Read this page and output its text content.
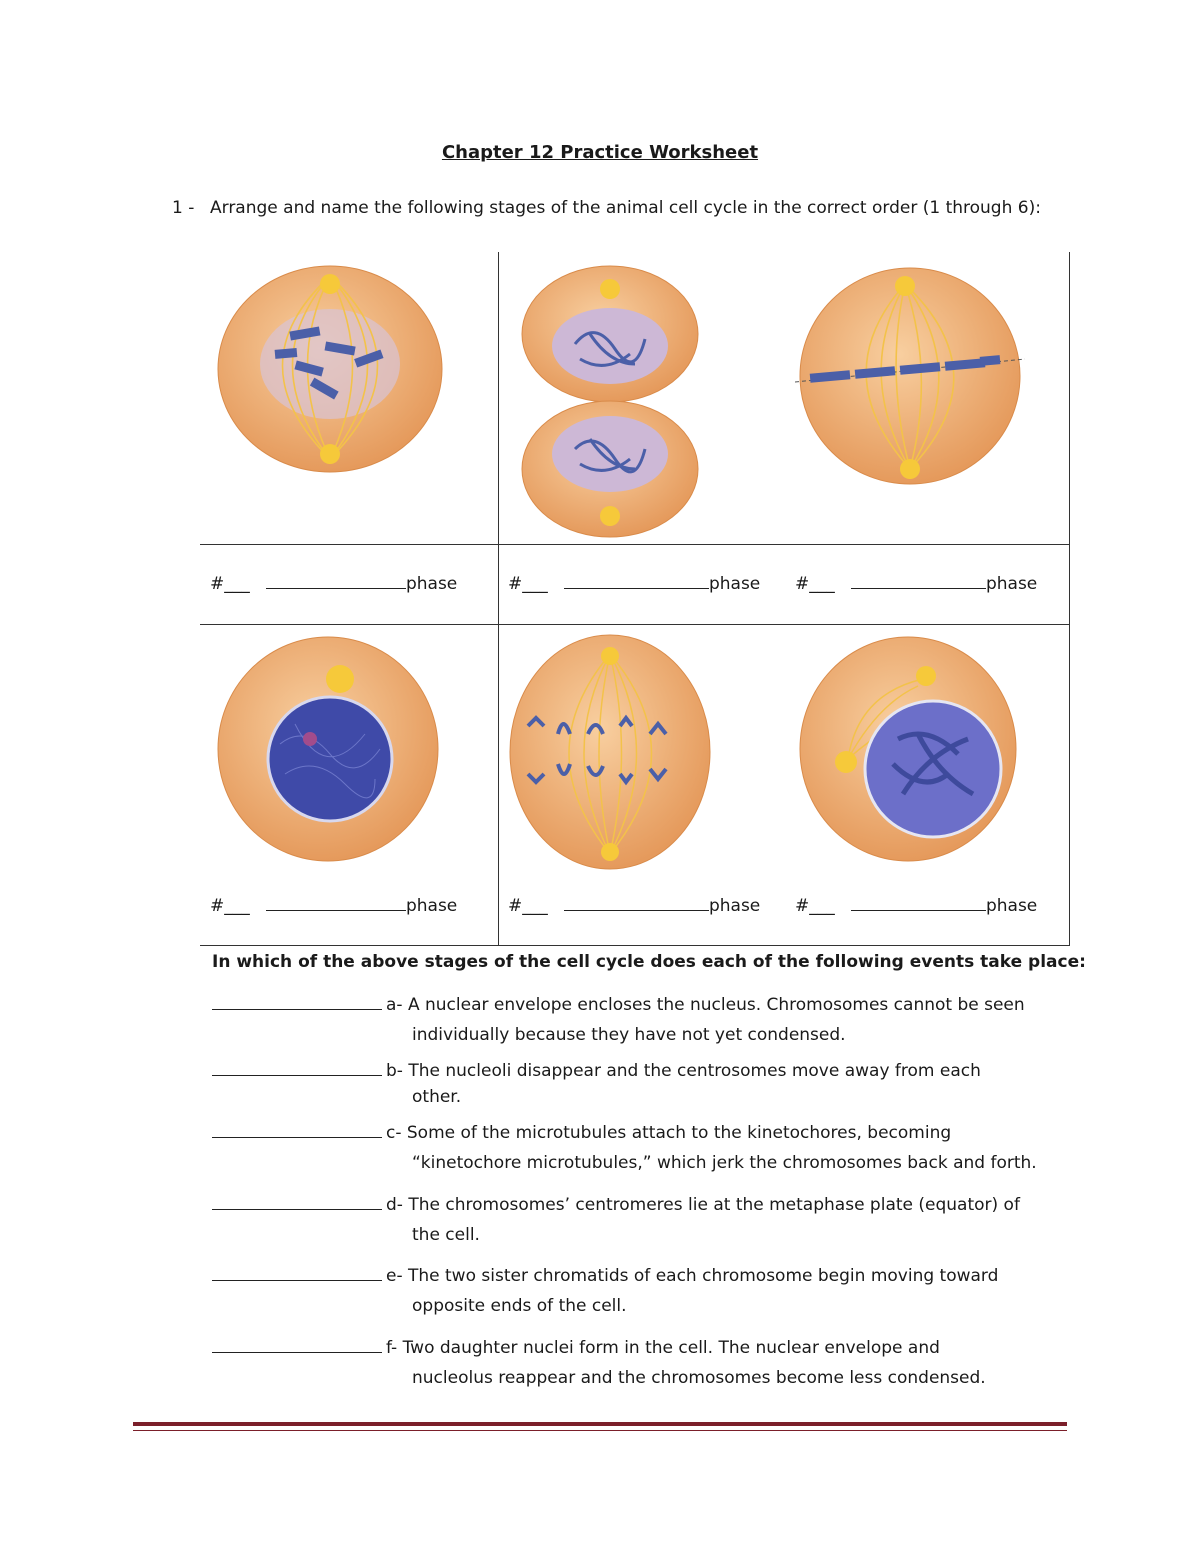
Chapter 12 Practice Worksheet
1 - Arrange and name the following stages of the animal cell cycle in the correct order (1 through 6):
#___	phase	#___	phase #___	phase
#___	phase	#___	phase #___	phase
In which of the above stages of the cell cycle does each of the following events take place:
a- A nuclear envelope encloses the nucleus. Chromosomes cannot be seen
individually because they have not yet condensed.
b- The nucleoli disappear and the centrosomes move away from each
other.
c- Some of the microtubules attach to the kinetochores, becoming
“kinetochore microtubules,” which jerk the chromosomes back and forth.
d- The chromosomes’ centromeres lie at the metaphase plate (equator) of
the cell.
e- The two sister chromatids of each chromosome begin moving toward
opposite ends of the cell.
f- Two daughter nuclei form in the cell. The nuclear envelope and
nucleolus reappear and the chromosomes become less condensed.
